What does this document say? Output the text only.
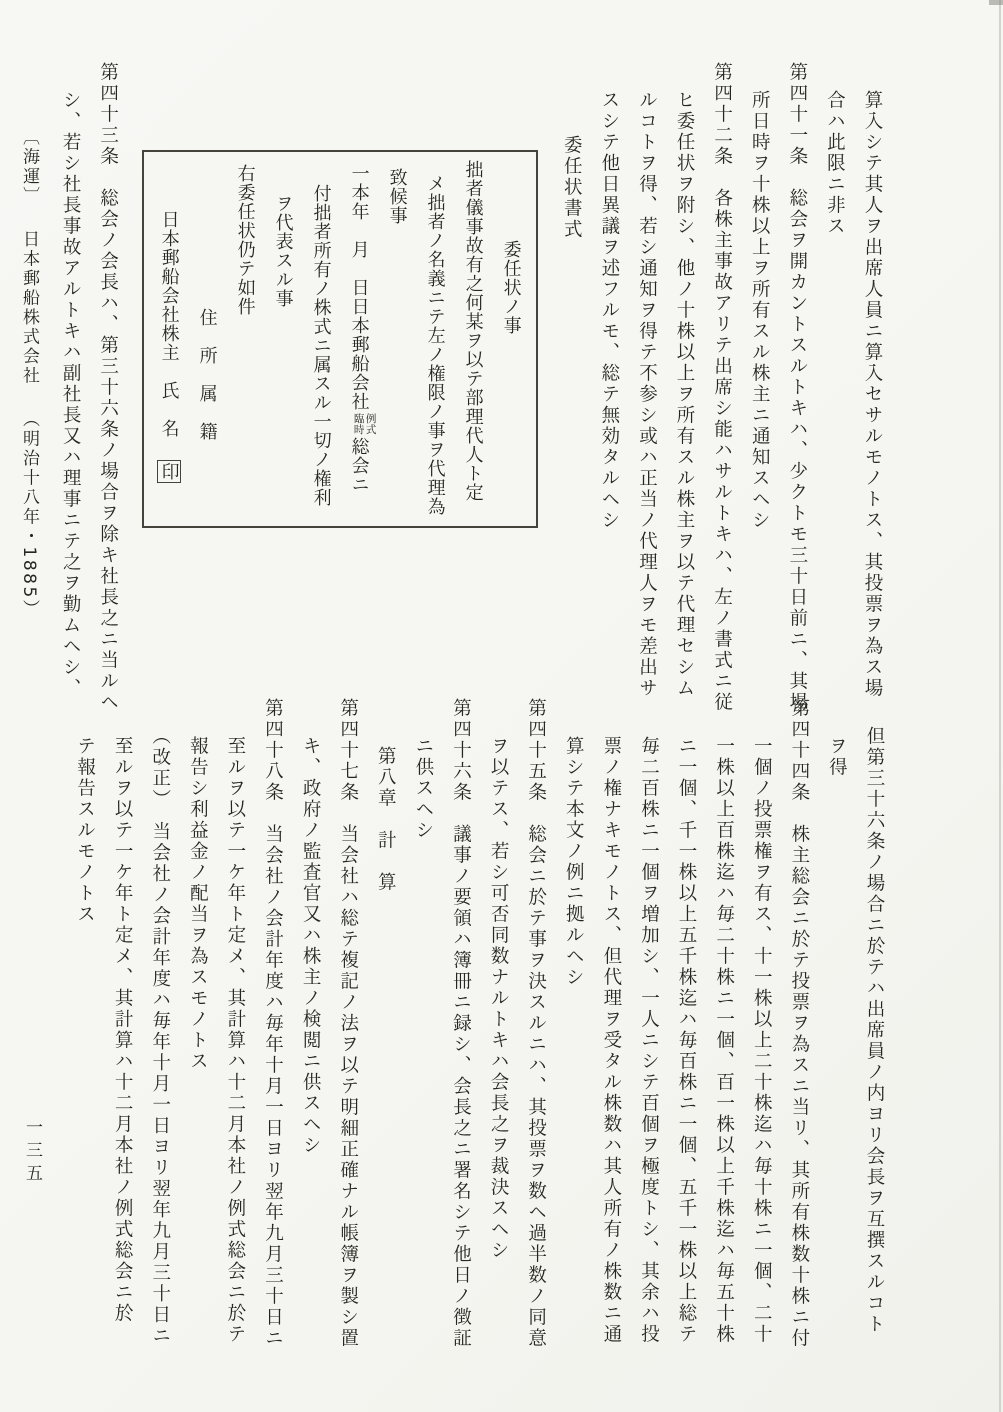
〔海運〕日本郵船株式会社（明治十八年・1885）
一三五
算入シテ其人ヲ出席人員ニ算入セサルモノトス、其投票ヲ為ス場
合ハ此限ニ非ス
第四十一条　総会ヲ開カントスルトキハ、少クトモ三十日前ニ、其場
所日時ヲ十株以上ヲ所有スル株主ニ通知スヘシ
第四十二条　各株主事故アリテ出席シ能ハサルトキハ、左ノ書式ニ従
ヒ委任状ヲ附シ、他ノ十株以上ヲ所有スル株主ヲ以テ代理セシム
ルコトヲ得、若シ通知ヲ得テ不参シ或ハ正当ノ代理人ヲモ差出サ
スシテ他日異議ヲ述フルモ、総テ無効タルヘシ
委任状書式
委任状ノ事
拙者儀事故有之何某ヲ以テ部理代人ト定
メ拙者ノ名義ニテ左ノ権限ノ事ヲ代理為
致候事
一本年　月　日日本郵船会社
例式
臨時
総会ニ
付拙者所有ノ株式ニ属スル一切ノ権利
ヲ代表スル事
右委任状仍テ如件
住　所　属　籍
日本郵船会社株主　氏　名　印
第四十三条　総会ノ会長ハ、第三十六条ノ場合ヲ除キ社長之ニ当ルヘ
シ、若シ社長事故アルトキハ副社長又ハ理事ニテ之ヲ勤ムヘシ、
但第三十六条ノ場合ニ於テハ出席員ノ内ヨリ会長ヲ互撰スルコト
ヲ得
第四十四条　株主総会ニ於テ投票ヲ為スニ当リ、其所有株数十株ニ付
一個ノ投票権ヲ有ス、十一株以上二十株迄ハ毎十株ニ一個、二十
一株以上百株迄ハ毎二十株ニ一個、百一株以上千株迄ハ毎五十株
ニ一個、千一株以上五千株迄ハ毎百株ニ一個、五千一株以上総テ
毎二百株ニ一個ヲ増加シ、一人ニシテ百個ヲ極度トシ、其余ハ投
票ノ権ナキモノトス、但代理ヲ受タル株数ハ其人所有ノ株数ニ通
算シテ本文ノ例ニ拠ルヘシ
第四十五条　総会ニ於テ事ヲ決スルニハ、其投票ヲ数ヘ過半数ノ同意
ヲ以テス、若シ可否同数ナルトキハ会長之ヲ裁決スヘシ
第四十六条　議事ノ要領ハ簿冊ニ録シ、会長之ニ署名シテ他日ノ徴証
ニ供スヘシ
第八章　計　算
第四十七条　当会社ハ総テ複記ノ法ヲ以テ明細正確ナル帳簿ヲ製シ置
キ、政府ノ監査官又ハ株主ノ検閲ニ供スヘシ
第四十八条　当会社ノ会計年度ハ毎年十月一日ヨリ翌年九月三十日ニ
至ルヲ以テ一ケ年ト定メ、其計算ハ十二月本社ノ例式総会ニ於テ
報告シ利益金ノ配当ヲ為スモノトス
（改正）　当会社ノ会計年度ハ毎年十月一日ヨリ翌年九月三十日ニ
至ルヲ以テ一ケ年ト定メ、其計算ハ十二月本社ノ例式総会ニ於
テ報告スルモノトス
